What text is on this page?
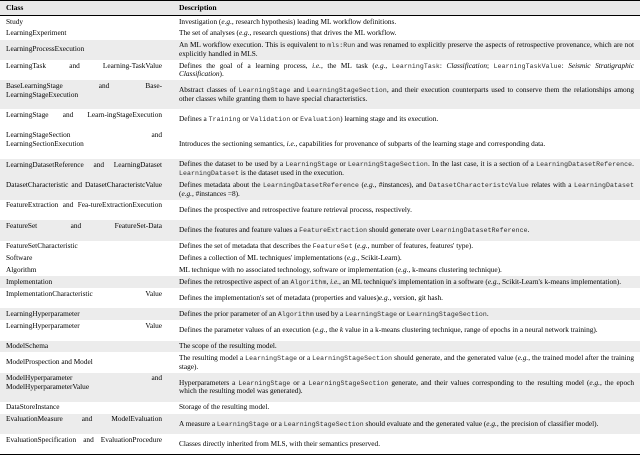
Class	Description
Study	Investigation (e.g., research hypothesis) leading ML workflow definitions.
LearningExperiment	The set of analyses (e.g., research questions) that drives the ML workflow.
LearningProcessExecution	An ML workflow execution. This is equivalent to mls:Run and was renamed to explicitly preserve the aspects of retrospective provenance, which are not explicitly handled in MLS.
LearningTask and Learning-TaskValue	Defines the goal of a learning process, i.e., the ML task (e.g., LearningTask: Classification; LearningTaskValue: Seismic Stratigraphic Classification).
BaseLearningStage and Base-LearningStageExecution	Abstract classes of LearningStage and LearningStageSection, and their execution counterparts used to conserve them the relationships among other classes while granting them to have special characteristics.
LearningStage and Learn-ingStageExecution	Defines a Training or Validation or Evaluation) learning stage and its execution.
LearningStageSection and LearningSectionExecution	Introduces the sectioning semantics, i.e., capabilities for provenance of subparts of the learning stage and corresponding data.
LearningDatasetReference and LearningDataset	Defines the dataset to be used by a LearningStage or LearningStageSection. In the last case, it is a section of a LearningDatasetReference. LearningDataset is the dataset used in the execution.
DatasetCharacteristic and DatasetCharacteristcValue	Defines metadata about the LearningDatasetReference (e.g., #instances), and DatasetCharacteristcValue relates with a LearningDataset (e.g., #instances =8).
FeatureExtraction and Fea-tureExtractionExecution	Defines the prospective and retrospective feature retrieval process, respectively.
FeatureSet and FeatureSet-Data	Defines the features and feature values a FeatureExtraction should generate over LearningDatasetReference.
FeatureSetCharacteristic	Defines the set of metadata that describes the FeatureSet (e.g., number of features, features' type).
Software	Defines a collection of ML techniques' implementations (e.g., Scikit-Learn).
Algorithm	ML technique with no associated technology, software or implementation (e.g., k-means clustering technique).
Implementation	Defines the retrospective aspect of an Algorithm, i.e., an ML technique's implementation in a software (e.g., Scikit-Learn's k-means implementation).
ImplementationCharacteristic Value	Defines the implementation's set of metadata (properties and values)e.g., version, git hash.
LearningHyperparameter	Defines the prior parameter of an Algorithm used by a LearningStage or LearningStageSection.
LearningHyperparameter Value	Defines the parameter values of an execution (e.g., the k value in a k-means clustering technique, range of epochs in a neural network training).
ModelSchema	The scope of the resulting model.
ModelProspection and Model	The resulting model a LearningStage or a LearningStageSection should generate, and the generated value (e.g., the trained model after the training stage).
ModelHyperparameter and ModelHyperparameterValue	Hyperparameters a LearningStage or a LearningStageSection generate, and their values corresponding to the resulting model (e.g., the epoch which the resulting model was generated).
DataStoreInstance	Storage of the resulting model.
EvaluationMeasure and ModelEvaluation	A measure a LearningStage or a LearningStageSection should evaluate and the generated value (e.g., the precision of classifier model).
EvaluationSpecification and EvaluationProcedure	Classes directly inherited from MLS, with their semantics preserved.
